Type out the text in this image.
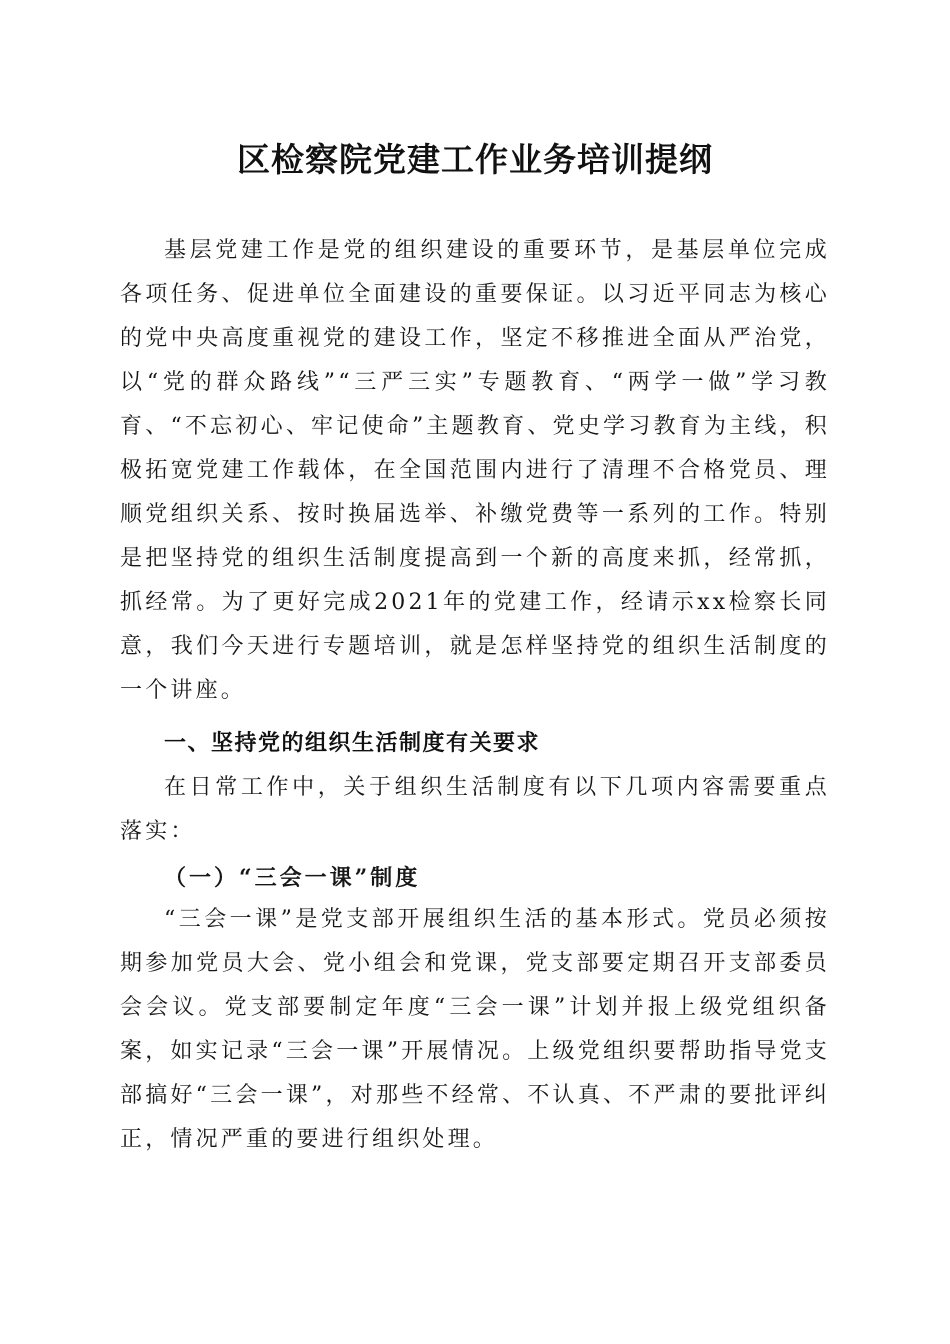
区检察院党建工作业务培训提纲

基层党建工作是党的组织建设的重要环节，是基层单位完成各项任务、促进单位全面建设的重要保证。以习近平同志为核心的党中央高度重视党的建设工作，坚定不移推进全面从严治党，以“党的群众路线”“三严三实”专题教育、“两学一做”学习教育、“不忘初心、牢记使命”主题教育、党史学习教育为主线，积极拓宽党建工作载体，在全国范围内进行了清理不合格党员、理顺党组织关系、按时换届选举、补缴党费等一系列的工作。特别是把坚持党的组织生活制度提高到一个新的高度来抓，经常抓，抓经常。为了更好完成2021年的党建工作，经请示xx检察长同意，我们今天进行专题培训，就是怎样坚持党的组织生活制度的一个讲座。

一、坚持党的组织生活制度有关要求

在日常工作中，关于组织生活制度有以下几项内容需要重点落实：

（一）“三会一课”制度

“三会一课”是党支部开展组织生活的基本形式。党员必须按期参加党员大会、党小组会和党课，党支部要定期召开支部委员会会议。党支部要制定年度“三会一课”计划并报上级党组织备案，如实记录“三会一课”开展情况。上级党组织要帮助指导党支部搞好“三会一课”，对那些不经常、不认真、不严肃的要批评纠正，情况严重的要进行组织处理。
